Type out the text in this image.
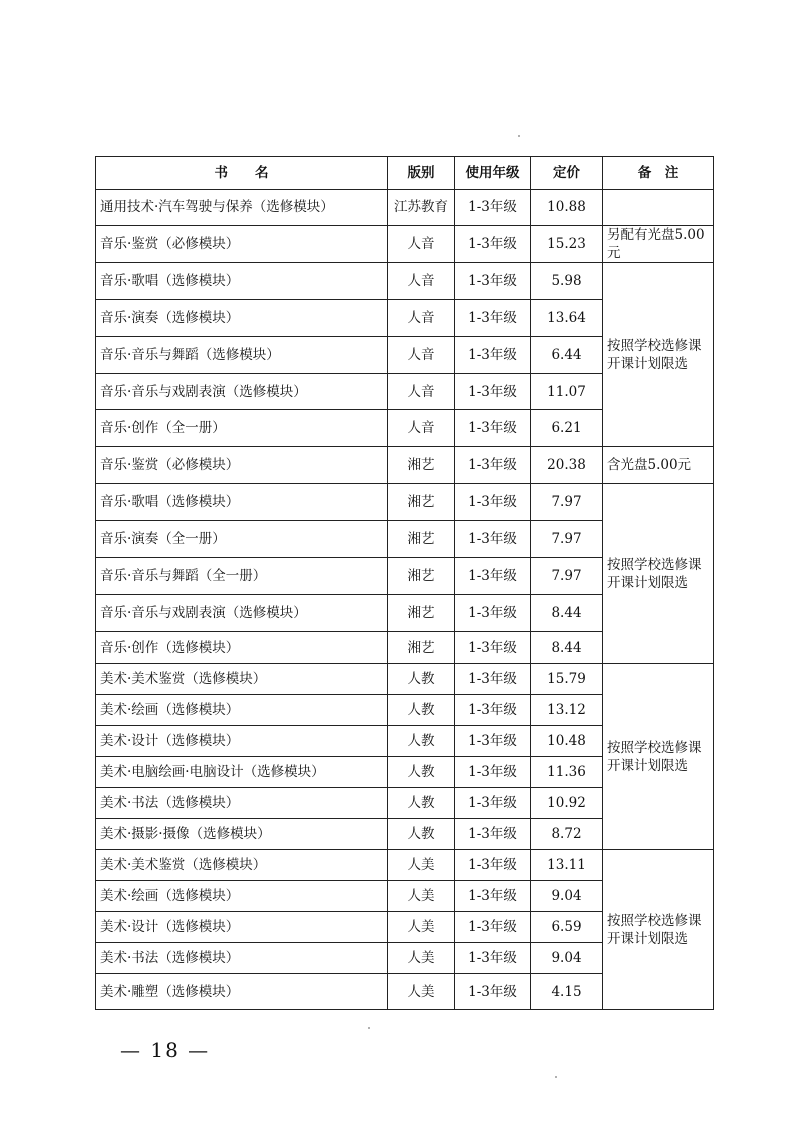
书　　名	版别	使用年级	定价	备　注
通用技术·汽车驾驶与保养（选修模块）	江苏教育	1-3年级	10.88	
音乐·鉴赏（必修模块）	人音	1-3年级	15.23	另配有光盘5.00元
音乐·歌唱（选修模块）	人音	1-3年级	5.98	按照学校选修课开课计划限选
音乐·演奏（选修模块）	人音	1-3年级	13.64	
音乐·音乐与舞蹈（选修模块）	人音	1-3年级	6.44	
音乐·音乐与戏剧表演（选修模块）	人音	1-3年级	11.07	
音乐·创作（全一册）	人音	1-3年级	6.21	
音乐·鉴赏（必修模块）	湘艺	1-3年级	20.38	含光盘5.00元
音乐·歌唱（选修模块）	湘艺	1-3年级	7.97	按照学校选修课开课计划限选
音乐·演奏（全一册）	湘艺	1-3年级	7.97	
音乐·音乐与舞蹈（全一册）	湘艺	1-3年级	7.97	
音乐·音乐与戏剧表演（选修模块）	湘艺	1-3年级	8.44	
音乐·创作（选修模块）	湘艺	1-3年级	8.44	
美术·美术鉴赏（选修模块）	人教	1-3年级	15.79	按照学校选修课开课计划限选
美术·绘画（选修模块）	人教	1-3年级	13.12	
美术·设计（选修模块）	人教	1-3年级	10.48	
美术·电脑绘画·电脑设计（选修模块）	人教	1-3年级	11.36	
美术·书法（选修模块）	人教	1-3年级	10.92	
美术·摄影·摄像（选修模块）	人教	1-3年级	8.72	
美术·美术鉴赏（选修模块）	人美	1-3年级	13.11	按照学校选修课开课计划限选
美术·绘画（选修模块）	人美	1-3年级	9.04	
美术·设计（选修模块）	人美	1-3年级	6.59	
美术·书法（选修模块）	人美	1-3年级	9.04	
美术·雕塑（选修模块）	人美	1-3年级	4.15	
— 18 —
